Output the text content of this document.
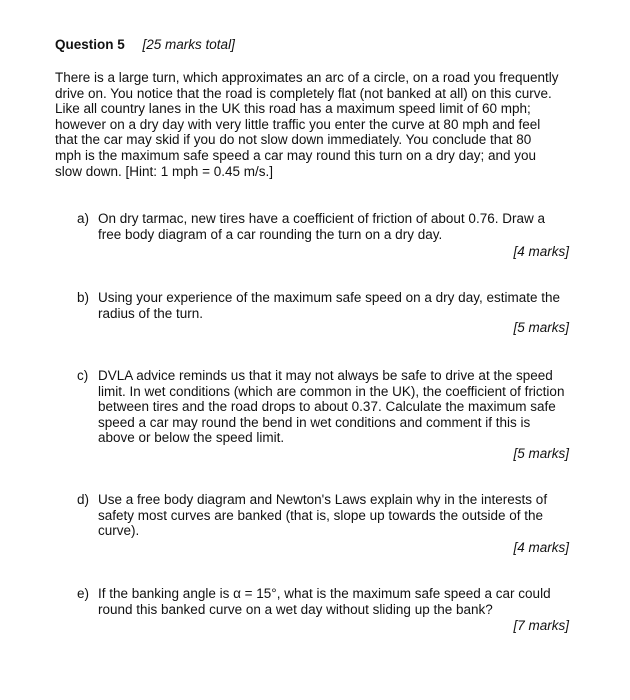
Question 5 [25 marks total]
There is a large turn, which approximates an arc of a circle, on a road you frequently
drive on. You notice that the road is completely flat (not banked at all) on this curve.
Like all country lanes in the UK this road has a maximum speed limit of 60 mph;
however on a dry day with very little traffic you enter the curve at 80 mph and feel
that the car may skid if you do not slow down immediately. You conclude that 80
mph is the maximum safe speed a car may round this turn on a dry day; and you
slow down. [Hint: 1 mph = 0.45 m/s.]
a) On dry tarmac, new tires have a coefficient of friction of about 0.76. Draw a
free body diagram of a car rounding the turn on a dry day.
[4 marks]
b) Using your experience of the maximum safe speed on a dry day, estimate the
radius of the turn.
[5 marks]
c) DVLA advice reminds us that it may not always be safe to drive at the speed
limit. In wet conditions (which are common in the UK), the coefficient of friction
between tires and the road drops to about 0.37. Calculate the maximum safe
speed a car may round the bend in wet conditions and comment if this is
above or below the speed limit.
[5 marks]
d) Use a free body diagram and Newton's Laws explain why in the interests of
safety most curves are banked (that is, slope up towards the outside of the
curve).
[4 marks]
e) If the banking angle is α = 15°, what is the maximum safe speed a car could
round this banked curve on a wet day without sliding up the bank?
[7 marks]
